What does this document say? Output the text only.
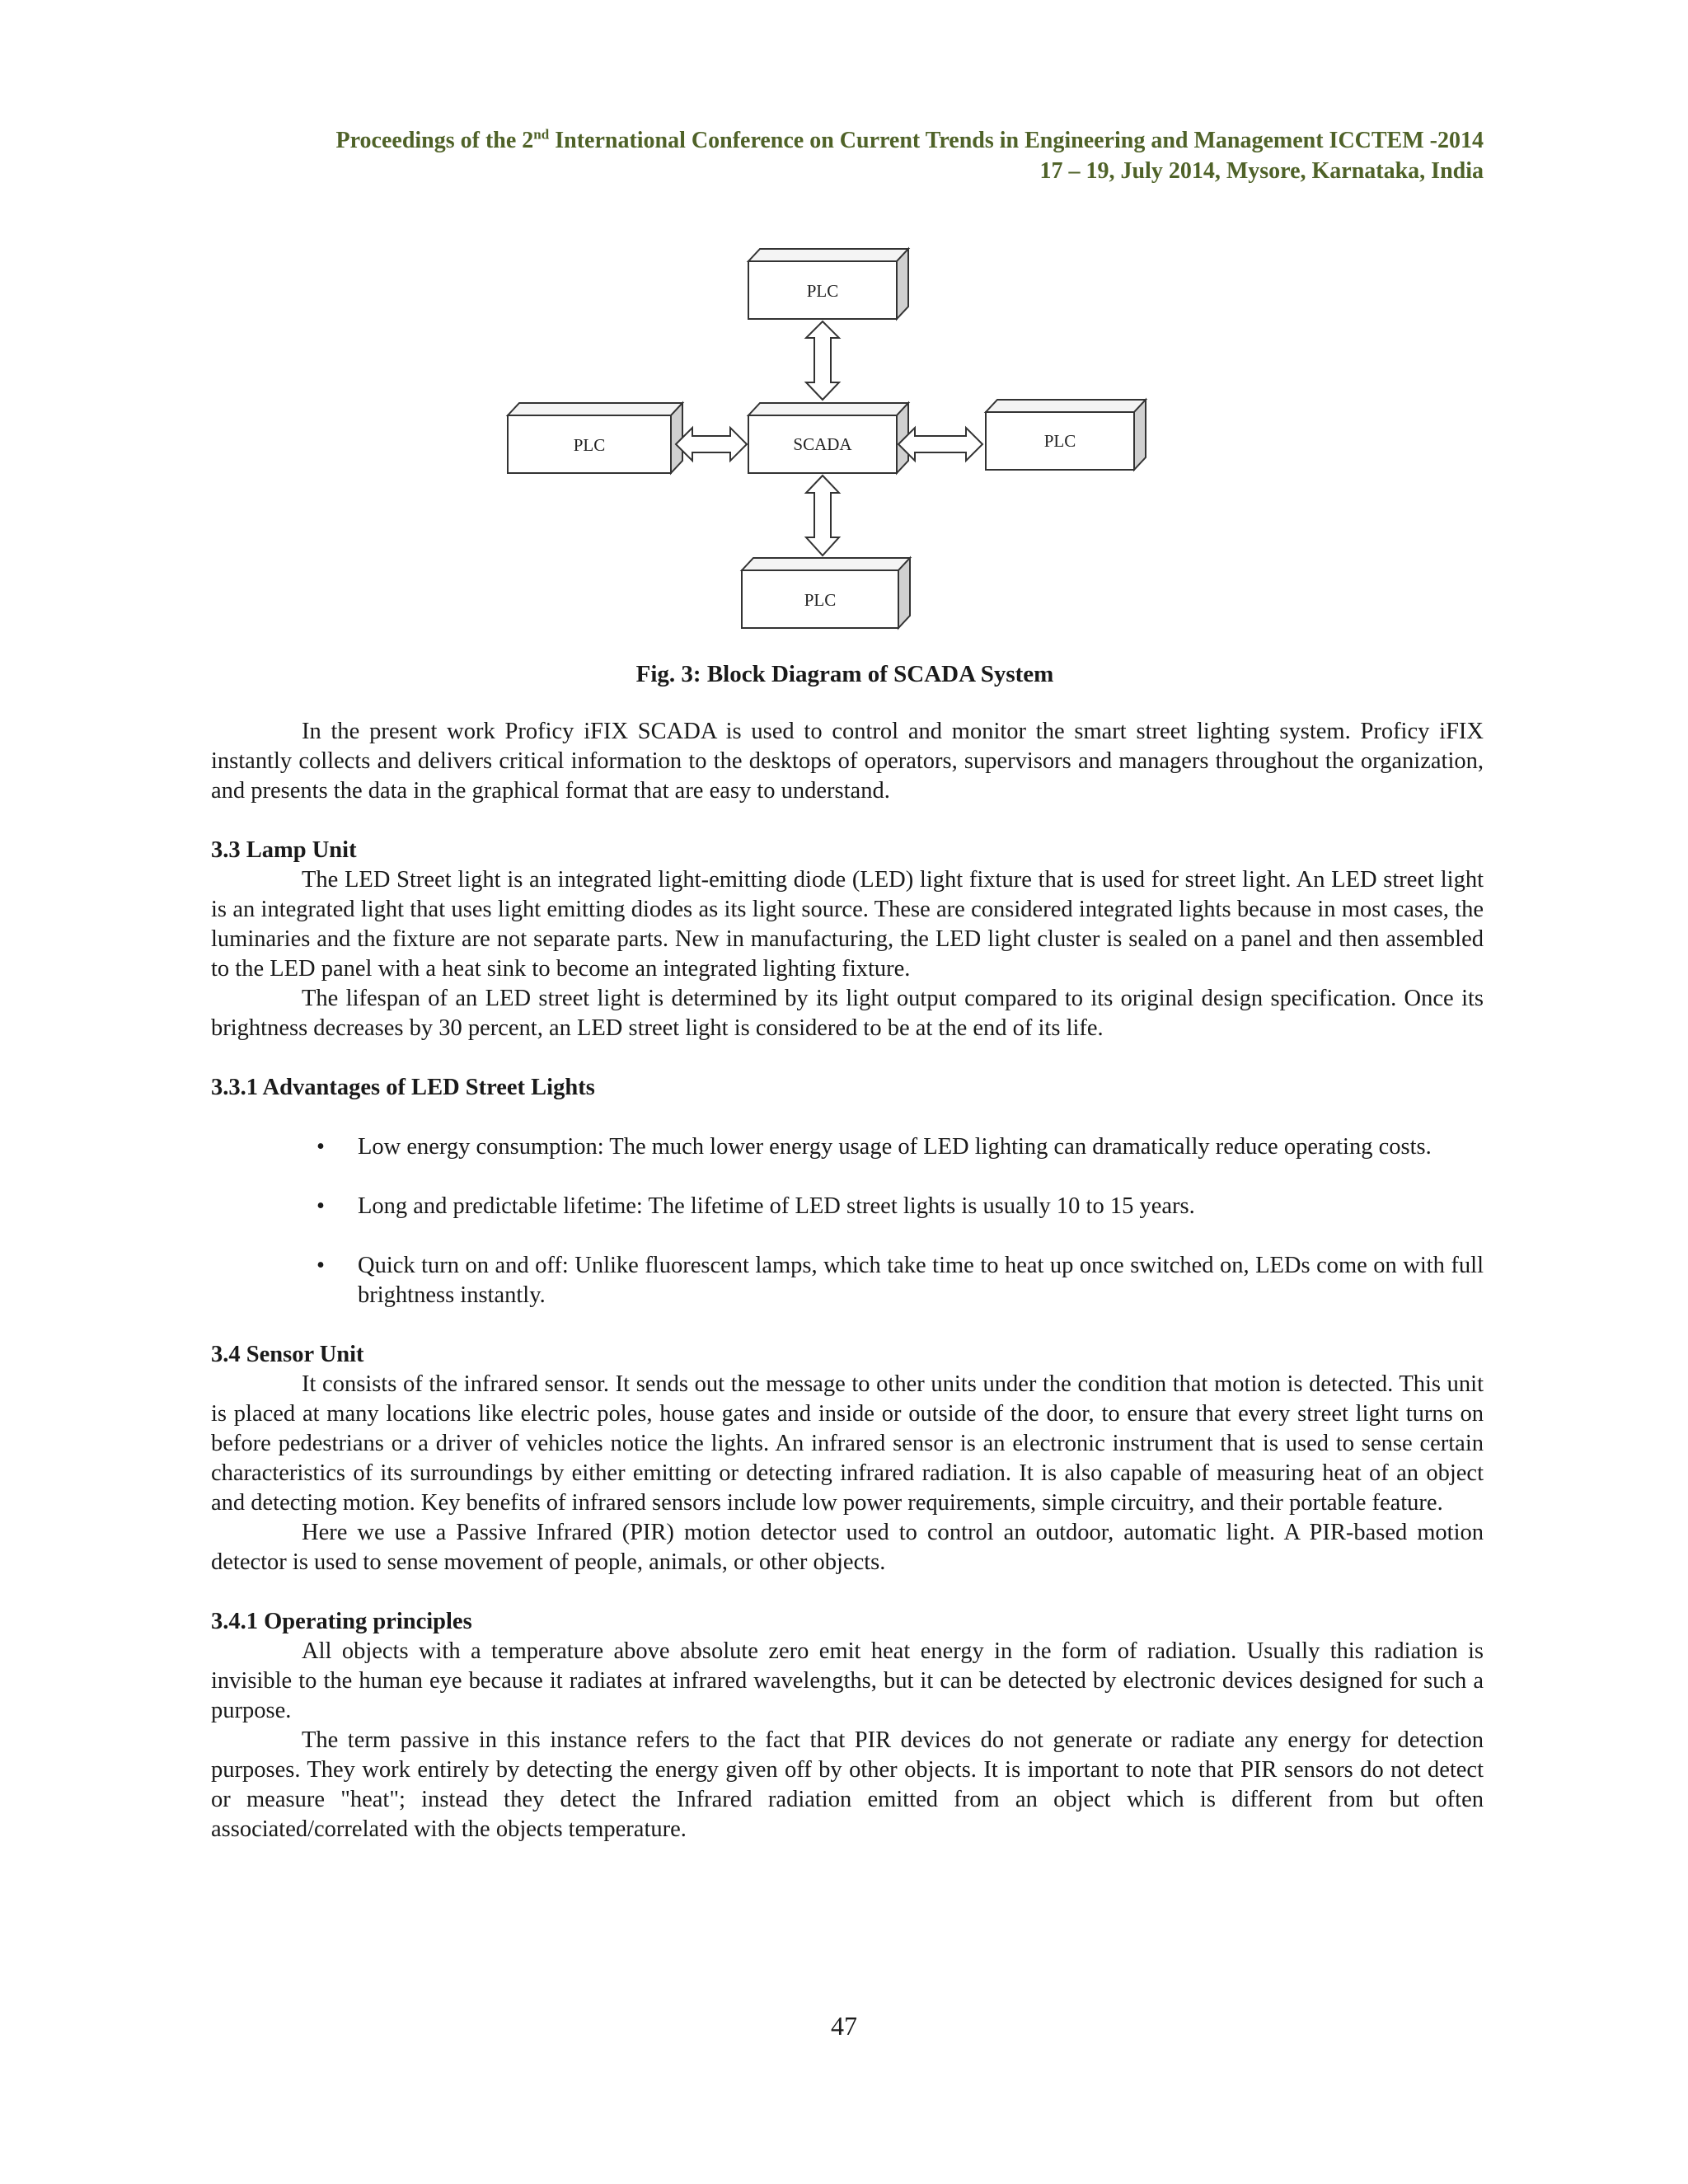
Proceedings of the 2nd International Conference on Current Trends in Engineering and Management ICCTEM -2014
17 – 19, July 2014, Mysore, Karnataka, India
PLC
PLC	SCADA	PLC
PLC
Fig. 3: Block Diagram of SCADA System

In the present work Proficy iFIX SCADA is used to control and monitor the smart street lighting system. Proficy iFIX instantly collects and delivers critical information to the desktops of operators, supervisors and managers throughout the organization, and presents the data in the graphical format that are easy to understand.

3.3 Lamp Unit

The LED Street light is an integrated light-emitting diode (LED) light fixture that is used for street light. An LED street light is an integrated light that uses light emitting diodes as its light source. These are considered integrated lights because in most cases, the luminaries and the fixture are not separate parts. New in manufacturing, the LED light cluster is sealed on a panel and then assembled to the LED panel with a heat sink to become an integrated lighting fixture.

The lifespan of an LED street light is determined by its light output compared to its original design specification. Once its brightness decreases by 30 percent, an LED street light is considered to be at the end of its life.

3.3.1 Advantages of LED Street Lights
• Low energy consumption: The much lower energy usage of LED lighting can dramatically reduce operating costs.
• Long and predictable lifetime: The lifetime of LED street lights is usually 10 to 15 years.
• Quick turn on and off: Unlike fluorescent lamps, which take time to heat up once switched on, LEDs come on with full brightness instantly.
3.4 Sensor Unit

It consists of the infrared sensor. It sends out the message to other units under the condition that motion is detected. This unit is placed at many locations like electric poles, house gates and inside or outside of the door, to ensure that every street light turns on before pedestrians or a driver of vehicles notice the lights. An infrared sensor is an electronic instrument that is used to sense certain characteristics of its surroundings by either emitting or detecting infrared radiation. It is also capable of measuring heat of an object and detecting motion. Key benefits of infrared sensors include low power requirements, simple circuitry, and their portable feature.

Here we use a Passive Infrared (PIR) motion detector used to control an outdoor, automatic light. A PIR-based motion detector is used to sense movement of people, animals, or other objects.

3.4.1 Operating principles

All objects with a temperature above absolute zero emit heat energy in the form of radiation. Usually this radiation is invisible to the human eye because it radiates at infrared wavelengths, but it can be detected by electronic devices designed for such a purpose.

The term passive in this instance refers to the fact that PIR devices do not generate or radiate any energy for detection purposes. They work entirely by detecting the energy given off by other objects. It is important to note that PIR sensors do not detect or measure "heat"; instead they detect the Infrared radiation emitted from an object which is different from but often associated/correlated with the objects temperature.

47
